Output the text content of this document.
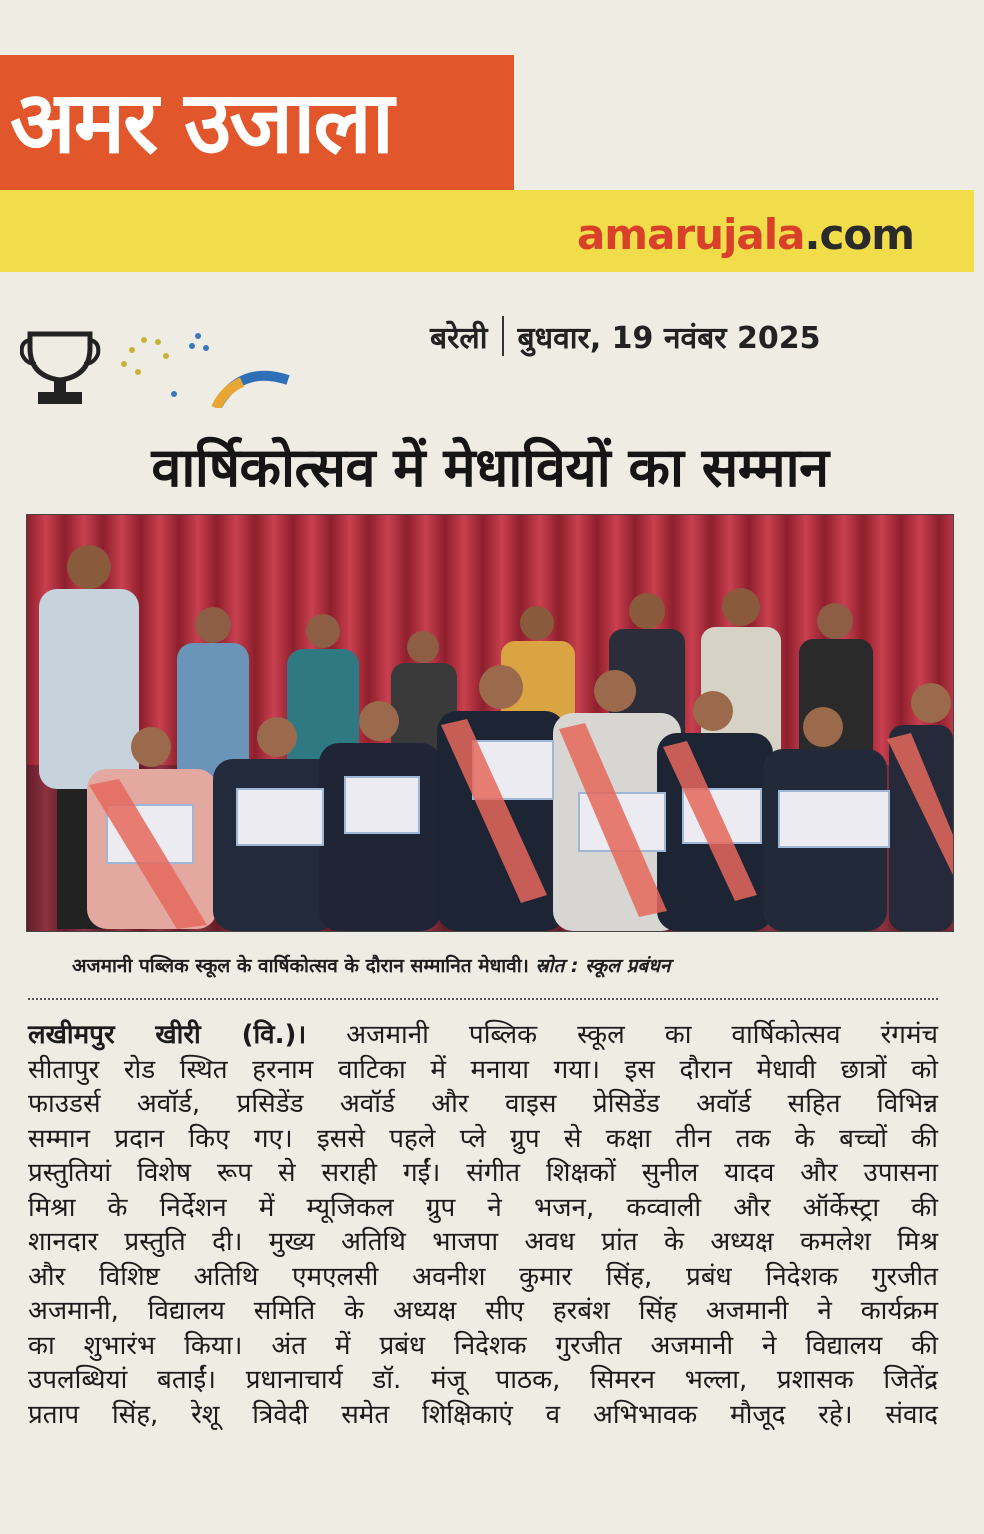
अमर उजाला
amarujala.com
बरेली बुधवार, 19 नवंबर 2025
वार्षिकोत्सव में मेधावियों का सम्मान
अजमानी पब्लिक स्कूल के वार्षिकोत्सव के दौरान सम्मानित मेधावी। स्रोत : स्कूल प्रबंधन
लखीमपुर खीरी (वि.)। अजमानी पब्लिक स्कूल का वार्षिकोत्सव रंगमंच
सीतापुर रोड स्थित हरनाम वाटिका में मनाया गया। इस दौरान मेधावी छात्रों को
फाउडर्स अवॉर्ड, प्रसिडेंड अवॉर्ड और वाइस प्रेसिडेंड अवॉर्ड सहित विभिन्न
सम्मान प्रदान किए गए। इससे पहले प्ले ग्रुप से कक्षा तीन तक के बच्चों की
प्रस्तुतियां विशेष रूप से सराही गईं। संगीत शिक्षकों सुनील यादव और उपासना
मिश्रा के निर्देशन में म्यूजिकल ग्रुप ने भजन, कव्वाली और ऑर्केस्ट्रा की
शानदार प्रस्तुति दी। मुख्य अतिथि भाजपा अवध प्रांत के अध्यक्ष कमलेश मिश्र
और विशिष्ट अतिथि एमएलसी अवनीश कुमार सिंह, प्रबंध निदेशक गुरजीत
अजमानी, विद्यालय समिति के अध्यक्ष सीए हरबंश सिंह अजमानी ने कार्यक्रम
का शुभारंभ किया। अंत में प्रबंध निदेशक गुरजीत अजमानी ने विद्यालय की
उपलब्धियां बताईं। प्रधानाचार्य डॉ. मंजू पाठक, सिमरन भल्ला, प्रशासक जितेंद्र
प्रताप सिंह, रेशू त्रिवेदी समेत शिक्षिकाएं व अभिभावक मौजूद रहे। संवाद
